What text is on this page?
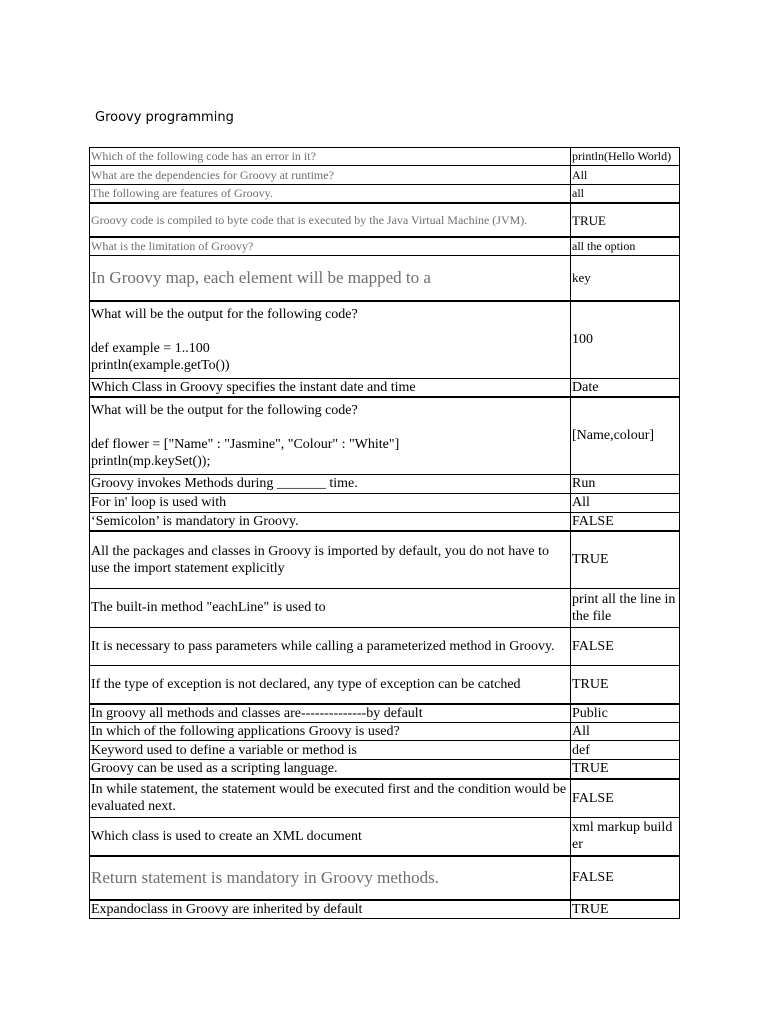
Groovy programming
Which of the following code has an error in it?	println(Hello World)
What are the dependencies for Groovy at runtime?	All
The following are features of Groovy.	all
Groovy code is compiled to byte code that is executed by the Java Virtual Machine (JVM).	TRUE
What is the limitation of Groovy?	all the option
In Groovy map, each element will be mapped to a	key
What will be the output for the following code?

def example = 1..100
println(example.getTo())	100
Which Class in Groovy specifies the instant date and time	Date
What will be the output for the following code?

def flower = ["Name" : "Jasmine", "Colour" : "White"]
println(mp.keySet());	[Name,colour]
Groovy invokes Methods during _______ time.	Run
For in' loop is used with	All
‘Semicolon’ is mandatory in Groovy.	FALSE
All the packages and classes in Groovy is imported by default, you do not have to use the import statement explicitly	TRUE
The built-in method "eachLine" is used to	print all the line in the file
It is necessary to pass parameters while calling a parameterized method in Groovy.	FALSE
If the type of exception is not declared, any type of exception can be catched	TRUE
In groovy all methods and classes are--------------by default	Public
In which of the following applications Groovy is used?	All
Keyword used to define a variable or method is	def
Groovy can be used as a scripting language.	TRUE
In while statement, the statement would be executed first and the condition would be evaluated next.	FALSE
Which class is used to create an XML document	xml markup builder
Return statement is mandatory in Groovy methods.	FALSE
Expandoclass in Groovy are inherited by default	TRUE
